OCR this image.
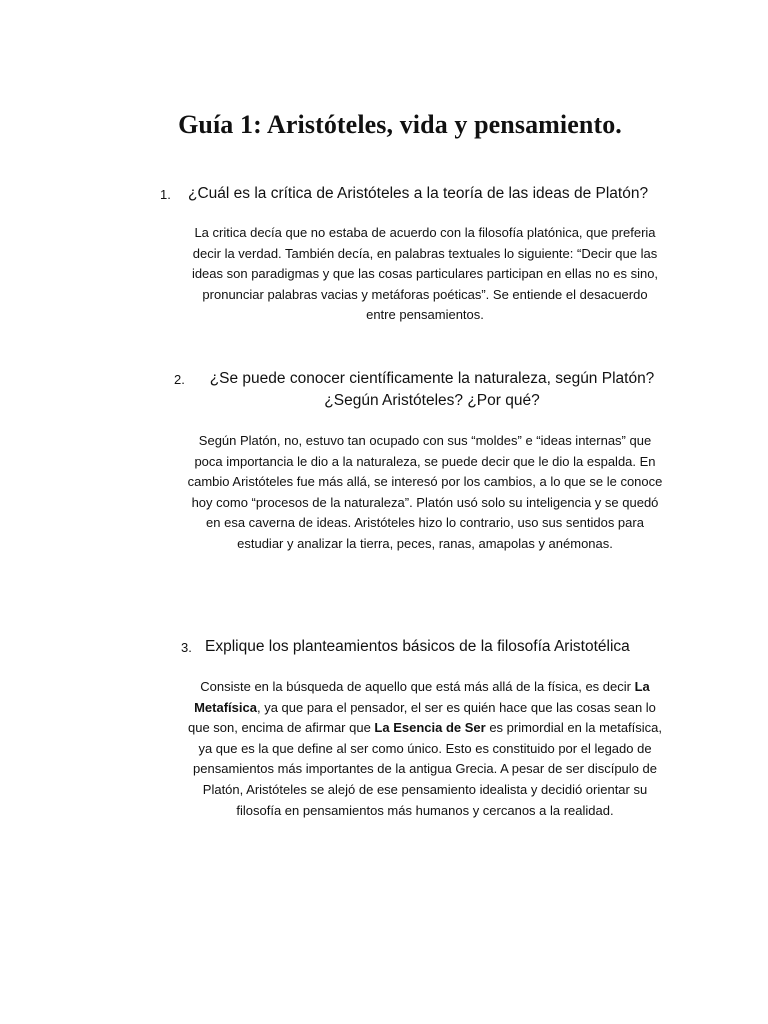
Guía 1: Aristóteles, vida y pensamiento.
1.	¿Cuál es la crítica de Aristóteles a la teoría de las ideas de Platón?

La critica decía que no estaba de acuerdo con la filosofía platónica, que preferia decir la verdad. También decía, en palabras textuales lo siguiente: “Decir que las ideas son paradigmas y que las cosas particulares participan en ellas no es sino, pronunciar palabras vacias y metáforas poéticas”. Se entiende el desacuerdo entre pensamientos.

2.	¿Se puede conocer científicamente la naturaleza, según Platón? ¿Según Aristóteles? ¿Por qué?

Según Platón, no, estuvo tan ocupado con sus “moldes” e “ideas internas” que poca importancia le dio a la naturaleza, se puede decir que le dio la espalda. En cambio Aristóteles fue más allá, se interesó por los cambios, a lo que se le conoce hoy como “procesos de la naturaleza”. Platón usó solo su inteligencia y se quedó en esa caverna de ideas. Aristóteles hizo lo contrario, uso sus sentidos para estudiar y analizar la tierra, peces, ranas, amapolas y anémonas.

3. Explique los planteamientos básicos de la filosofía Aristotélica

Consiste en la búsqueda de aquello que está más allá de la física, es decir La Metafísica, ya que para el pensador, el ser es quién hace que las cosas sean lo que son, encima de afirmar que La Esencia de Ser es primordial en la metafísica, ya que es la que define al ser como único. Esto es constituido por el legado de pensamientos más importantes de la antigua Grecia. A pesar de ser discípulo de Platón, Aristóteles se alejó de ese pensamiento idealista y decidió orientar su filosofía en pensamientos más humanos y cercanos a la realidad.
